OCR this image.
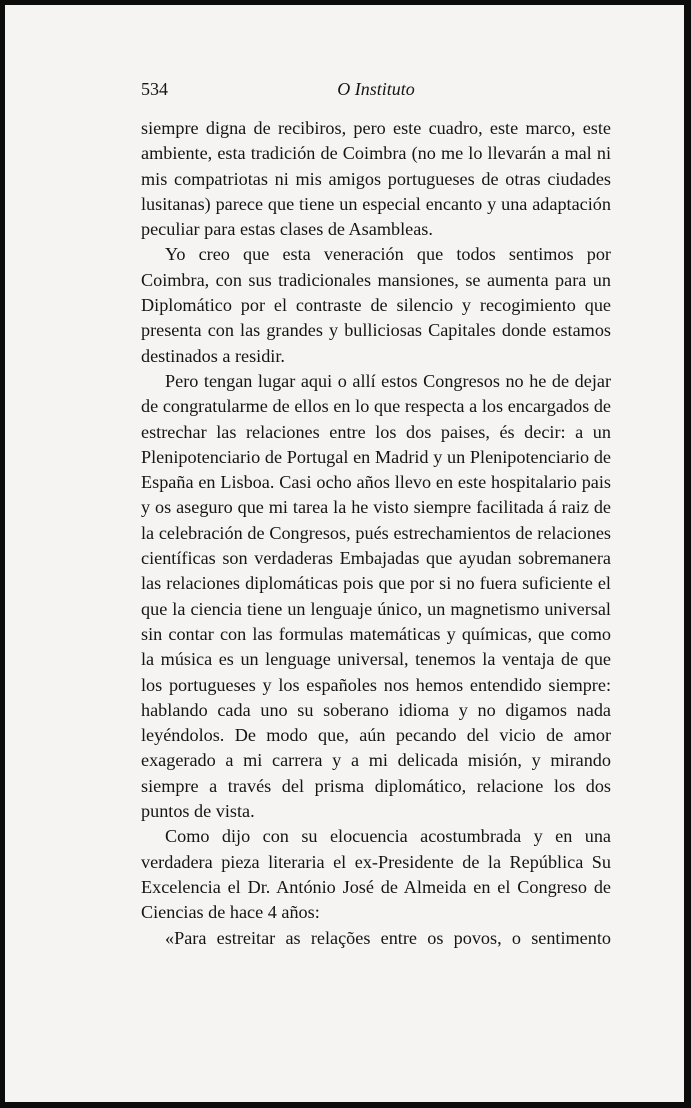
534	O Instituto

siempre digna de recibiros, pero este cuadro, este marco, este ambiente, esta tradición de Coimbra (no me lo llevarán a mal ni mis compatriotas ni mis amigos portugueses de otras ciudades lusitanas) parece que tiene un especial encanto y una adaptación peculiar para estas clases de Asambleas.

Yo creo que esta veneración que todos sentimos por Coimbra, con sus tradicionales mansiones, se aumenta para un Diplomático por el contraste de silencio y recogimiento que presenta con las grandes y bulliciosas Capitales donde estamos destinados a residir.

Pero tengan lugar aqui o allí estos Congresos no he de dejar de congratularme de ellos en lo que respecta a los encargados de estrechar las relaciones entre los dos paises, és decir: a un Plenipotenciario de Portugal en Madrid y un Plenipotenciario de España en Lisboa. Casi ocho años llevo en este hospitalario pais y os aseguro que mi tarea la he visto siempre facilitada á raiz de la celebración de Congresos, pués estrechamientos de relaciones científicas son verdaderas Embajadas que ayudan sobremanera las relaciones diplomáticas pois que por si no fuera suficiente el que la ciencia tiene un lenguaje único, un magnetismo universal sin contar con las formulas matemáticas y químicas, que como la música es un lenguage universal, tenemos la ventaja de que los portugueses y los españoles nos hemos entendido siempre: hablando cada uno su soberano idioma y no digamos nada leyéndolos. De modo que, aún pecando del vicio de amor exagerado a mi carrera y a mi delicada misión, y mirando siempre a través del prisma diplomático, relacione los dos puntos de vista.

Como dijo con su elocuencia acostumbrada y en una verdadera pieza literaria el ex-Presidente de la República Su Excelencia el Dr. António José de Almeida en el Congreso de Ciencias de hace 4 años:

«Para estreitar as relações entre os povos, o sentimento
